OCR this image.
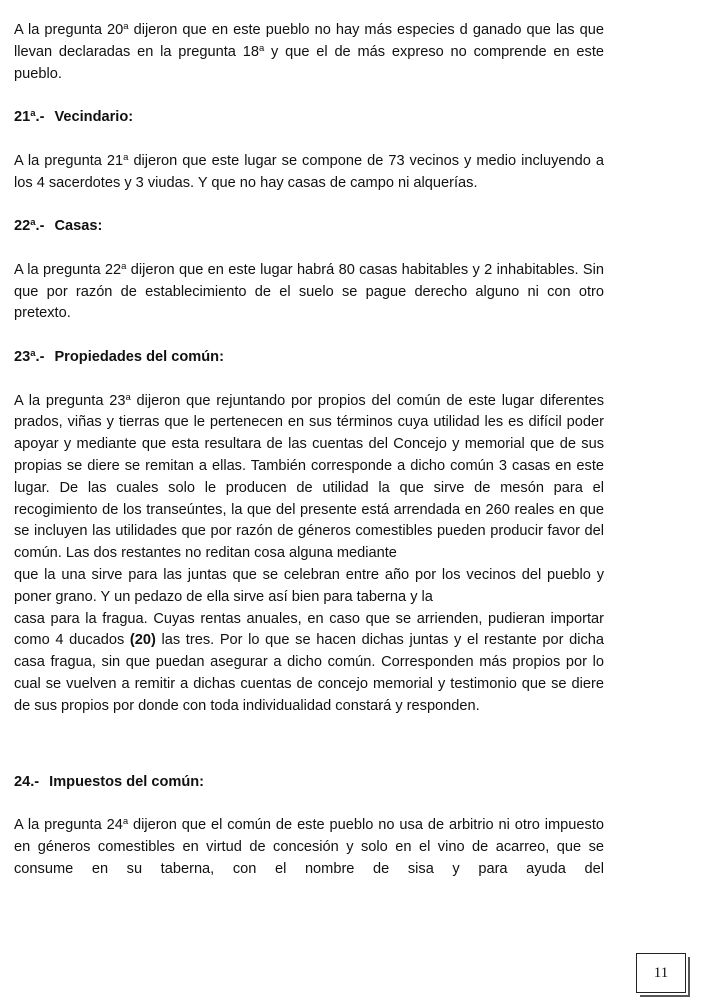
A la pregunta 20$^a$ dijeron que en este pueblo no hay más especies d ganado que las que llevan declaradas en la pregunta 18$^a$ y que el de más expreso no comprende en este pueblo.

21$^a$.- Vecindario:

A la pregunta 21$^a$ dijeron que este lugar se compone de 73 vecinos y medio incluyendo a los 4 sacerdotes y 3 viudas. Y que no hay casas de campo ni alquerías.

22$^a$.- Casas:

A la pregunta 22$^a$ dijeron que en este lugar habrá 80 casas habitables y 2 inhabitables. Sin que por razón de establecimiento de el suelo se pague derecho alguno ni con otro pretexto.

23$^a$.- Propiedades del común:

A la pregunta 23$^a$ dijeron que rejuntando por propios del común de este lugar diferentes prados, viñas y tierras que le pertenecen en sus términos cuya utilidad les es difícil poder apoyar y mediante que esta resultara de las cuentas del Concejo y memorial que de sus propias se diere se remitan a ellas. También corresponde a dicho común 3 casas en este lugar. De las cuales solo le producen de utilidad la que sirve de mesón para el recogimiento de los transeúntes, la que del presente está arrendada en 260 reales en que se incluyen las utilidades que por razón de géneros comestibles pueden producir favor del común. Las dos restantes no reditan cosa alguna mediante

que la una sirve para las juntas que se celebran entre año por los vecinos del pueblo y poner grano. Y un pedazo de ella sirve así bien para taberna y la

casa para la fragua. Cuyas rentas anuales, en caso que se arrienden, pudieran importar como 4 ducados (20) las tres. Por lo que se hacen dichas juntas y el restante por dicha casa fragua, sin que puedan asegurar a dicho común. Corresponden más propios por lo cual se vuelven a remitir a dichas cuentas de concejo memorial y testimonio que se diere de sus propios por donde con toda individualidad constará y responden.

24.- Impuestos del común:

A la pregunta 24$^a$ dijeron que el común de este pueblo no usa de arbitrio ni otro impuesto en géneros comestibles en virtud de concesión y solo en el vino de acarreo, que se consume en su taberna, con el nombre de sisa y para ayuda del

11
